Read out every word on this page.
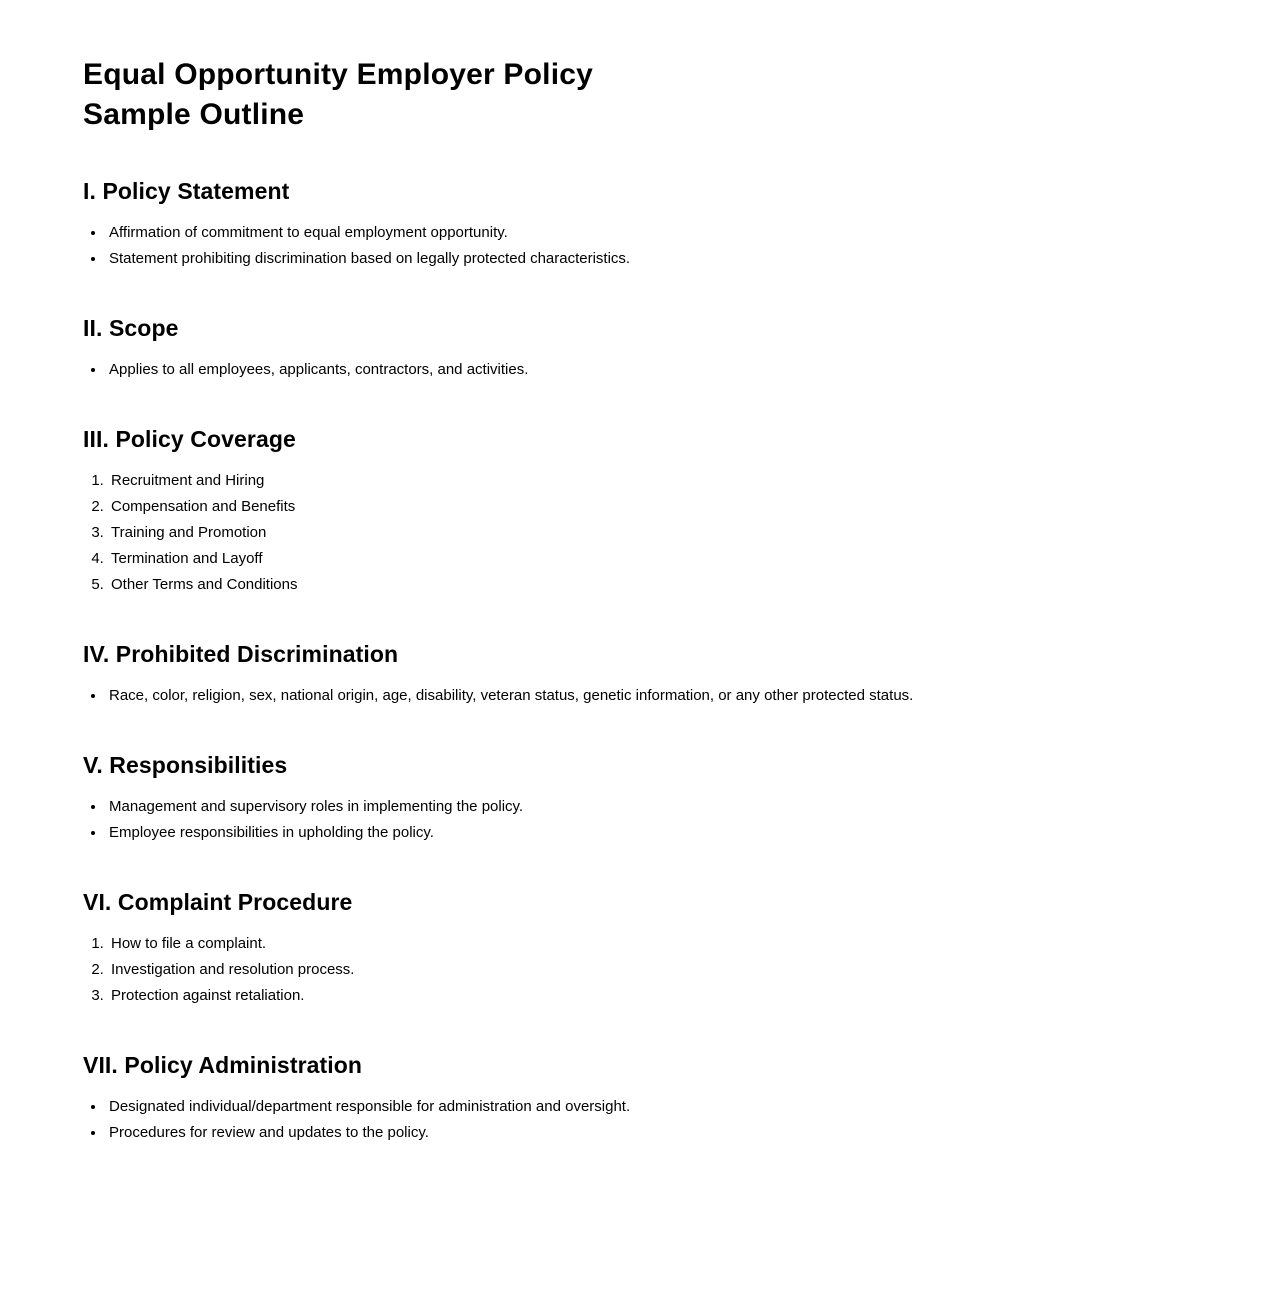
Equal Opportunity Employer Policy
Sample Outline
I. Policy Statement
• Affirmation of commitment to equal employment opportunity.
• Statement prohibiting discrimination based on legally protected characteristics.
II. Scope
• Applies to all employees, applicants, contractors, and activities.
III. Policy Coverage
1. Recruitment and Hiring
2. Compensation and Benefits
3. Training and Promotion
4. Termination and Layoff
5. Other Terms and Conditions
IV. Prohibited Discrimination
• Race, color, religion, sex, national origin, age, disability, veteran status, genetic information, or any other protected status.
V. Responsibilities
• Management and supervisory roles in implementing the policy.
• Employee responsibilities in upholding the policy.
VI. Complaint Procedure
1. How to file a complaint.
2. Investigation and resolution process.
3. Protection against retaliation.
VII. Policy Administration
• Designated individual/department responsible for administration and oversight.
• Procedures for review and updates to the policy.
